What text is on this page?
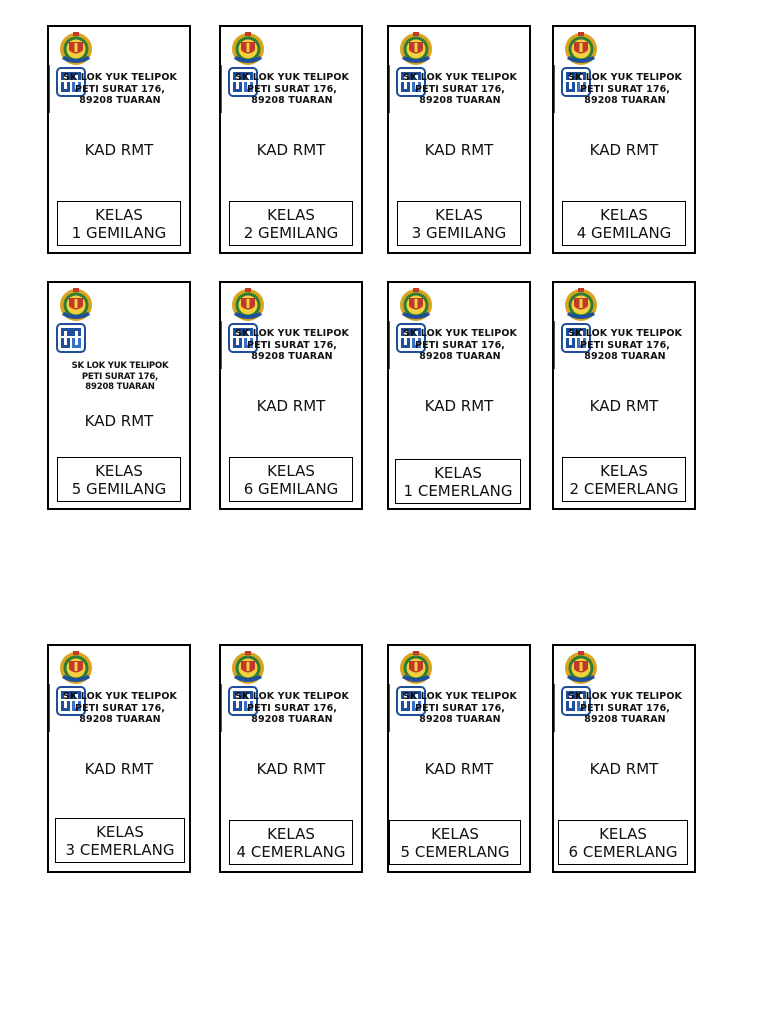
SK LOK YUK TELIPOK
PETI SURAT 176,
89208 TUARAN
KAD RMT
KELAS
1 GEMILANG
SK LOK YUK TELIPOK
PETI SURAT 176,
89208 TUARAN
KAD RMT
KELAS
2 GEMILANG
SK LOK YUK TELIPOK
PETI SURAT 176,
89208 TUARAN
KAD RMT
KELAS
3 GEMILANG
SK LOK YUK TELIPOK
PETI SURAT 176,
89208 TUARAN
KAD RMT
KELAS
4 GEMILANG
SK LOK YUK TELIPOK
PETI SURAT 176,
89208 TUARAN
KAD RMT
KELAS
5 GEMILANG
SK LOK YUK TELIPOK
PETI SURAT 176,
89208 TUARAN
KAD RMT
KELAS
6 GEMILANG
SK LOK YUK TELIPOK
PETI SURAT 176,
89208 TUARAN
KAD RMT
KELAS
1 CEMERLANG
SK LOK YUK TELIPOK
PETI SURAT 176,
89208 TUARAN
KAD RMT
KELAS
2 CEMERLANG
SK LOK YUK TELIPOK
PETI SURAT 176,
89208 TUARAN
KAD RMT
KELAS
3 CEMERLANG
SK LOK YUK TELIPOK
PETI SURAT 176,
89208 TUARAN
KAD RMT
KELAS
4 CEMERLANG
SK LOK YUK TELIPOK
PETI SURAT 176,
89208 TUARAN
KAD RMT
KELAS
5 CEMERLANG
SK LOK YUK TELIPOK
PETI SURAT 176,
89208 TUARAN
KAD RMT
KELAS
6 CEMERLANG
